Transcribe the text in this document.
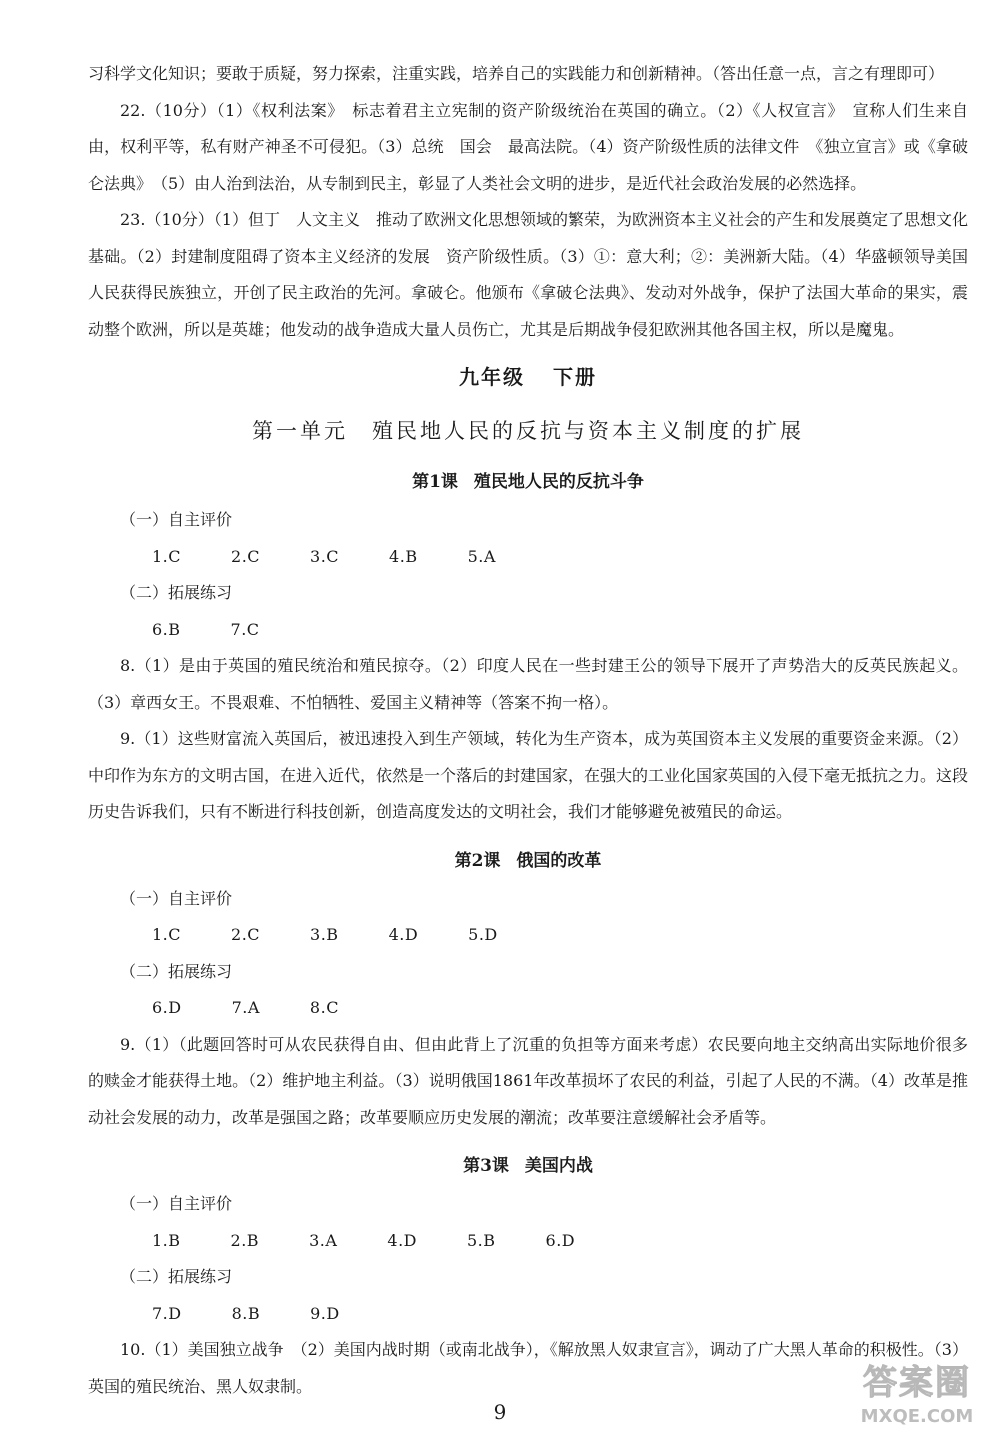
习科学文化知识；要敢于质疑，努力探索，注重实践，培养自己的实践能力和创新精神。（答出任意一点，言之有理即可）

22.（10分）（1）《权利法案》　标志着君主立宪制的资产阶级统治在英国的确立。（2）《人权宣言》　宣称人们生来自由，权利平等，私有财产神圣不可侵犯。（3）总统　国会　最高法院。（4）资产阶级性质的法律文件　《独立宣言》或《拿破仑法典》　（5）由人治到法治，从专制到民主，彰显了人类社会文明的进步，是近代社会政治发展的必然选择。

23.（10分）（1）但丁　人文主义　推动了欧洲文化思想领域的繁荣，为欧洲资本主义社会的产生和发展奠定了思想文化基础。（2）封建制度阻碍了资本主义经济的发展　资产阶级性质。（3）①：意大利；②：美洲新大陆。（4）华盛顿领导美国人民获得民族独立，开创了民主政治的先河。拿破仑。他颁布《拿破仑法典》、发动对外战争，保护了法国大革命的果实，震动整个欧洲，所以是英雄；他发动的战争造成大量人员伤亡，尤其是后期战争侵犯欧洲其他各国主权，所以是魔鬼。

九年级 下册
第一单元 殖民地人民的反抗与资本主义制度的扩展
第1课 殖民地人民的反抗斗争

（一）自主评价

1.C	2.C	3.C	4.B	5.A

（二）拓展练习

6.B	7.C

8.（1）是由于英国的殖民统治和殖民掠夺。（2）印度人民在一些封建王公的领导下展开了声势浩大的反英民族起义。（3）章西女王。不畏艰难、不怕牺牲、爱国主义精神等（答案不拘一格）。

9.（1）这些财富流入英国后，被迅速投入到生产领域，转化为生产资本，成为英国资本主义发展的重要资金来源。（2）中印作为东方的文明古国，在进入近代，依然是一个落后的封建国家，在强大的工业化国家英国的入侵下毫无抵抗之力。这段历史告诉我们，只有不断进行科技创新，创造高度发达的文明社会，我们才能够避免被殖民的命运。

第2课 俄国的改革

（一）自主评价

1.C	2.C	3.B	4.D	5.D

（二）拓展练习

6.D	7.A	8.C

9.（1）（此题回答时可从农民获得自由、但由此背上了沉重的负担等方面来考虑）农民要向地主交纳高出实际地价很多的赎金才能获得土地。（2）维护地主利益。（3）说明俄国1861年改革损坏了农民的利益，引起了人民的不满。（4）改革是推动社会发展的动力，改革是强国之路；改革要顺应历史发展的潮流；改革要注意缓解社会矛盾等。

第3课 美国内战

（一）自主评价

1.B	2.B	3.A	4.D	5.B	6.D

（二）拓展练习

7.D	8.B	9.D

10.（1）美国独立战争　（2）美国内战时期（或南北战争），《解放黑人奴隶宣言》，调动了广大黑人革命的积极性。（3）英国的殖民统治、黑人奴隶制。

9
答案圈
MXQE.COM
